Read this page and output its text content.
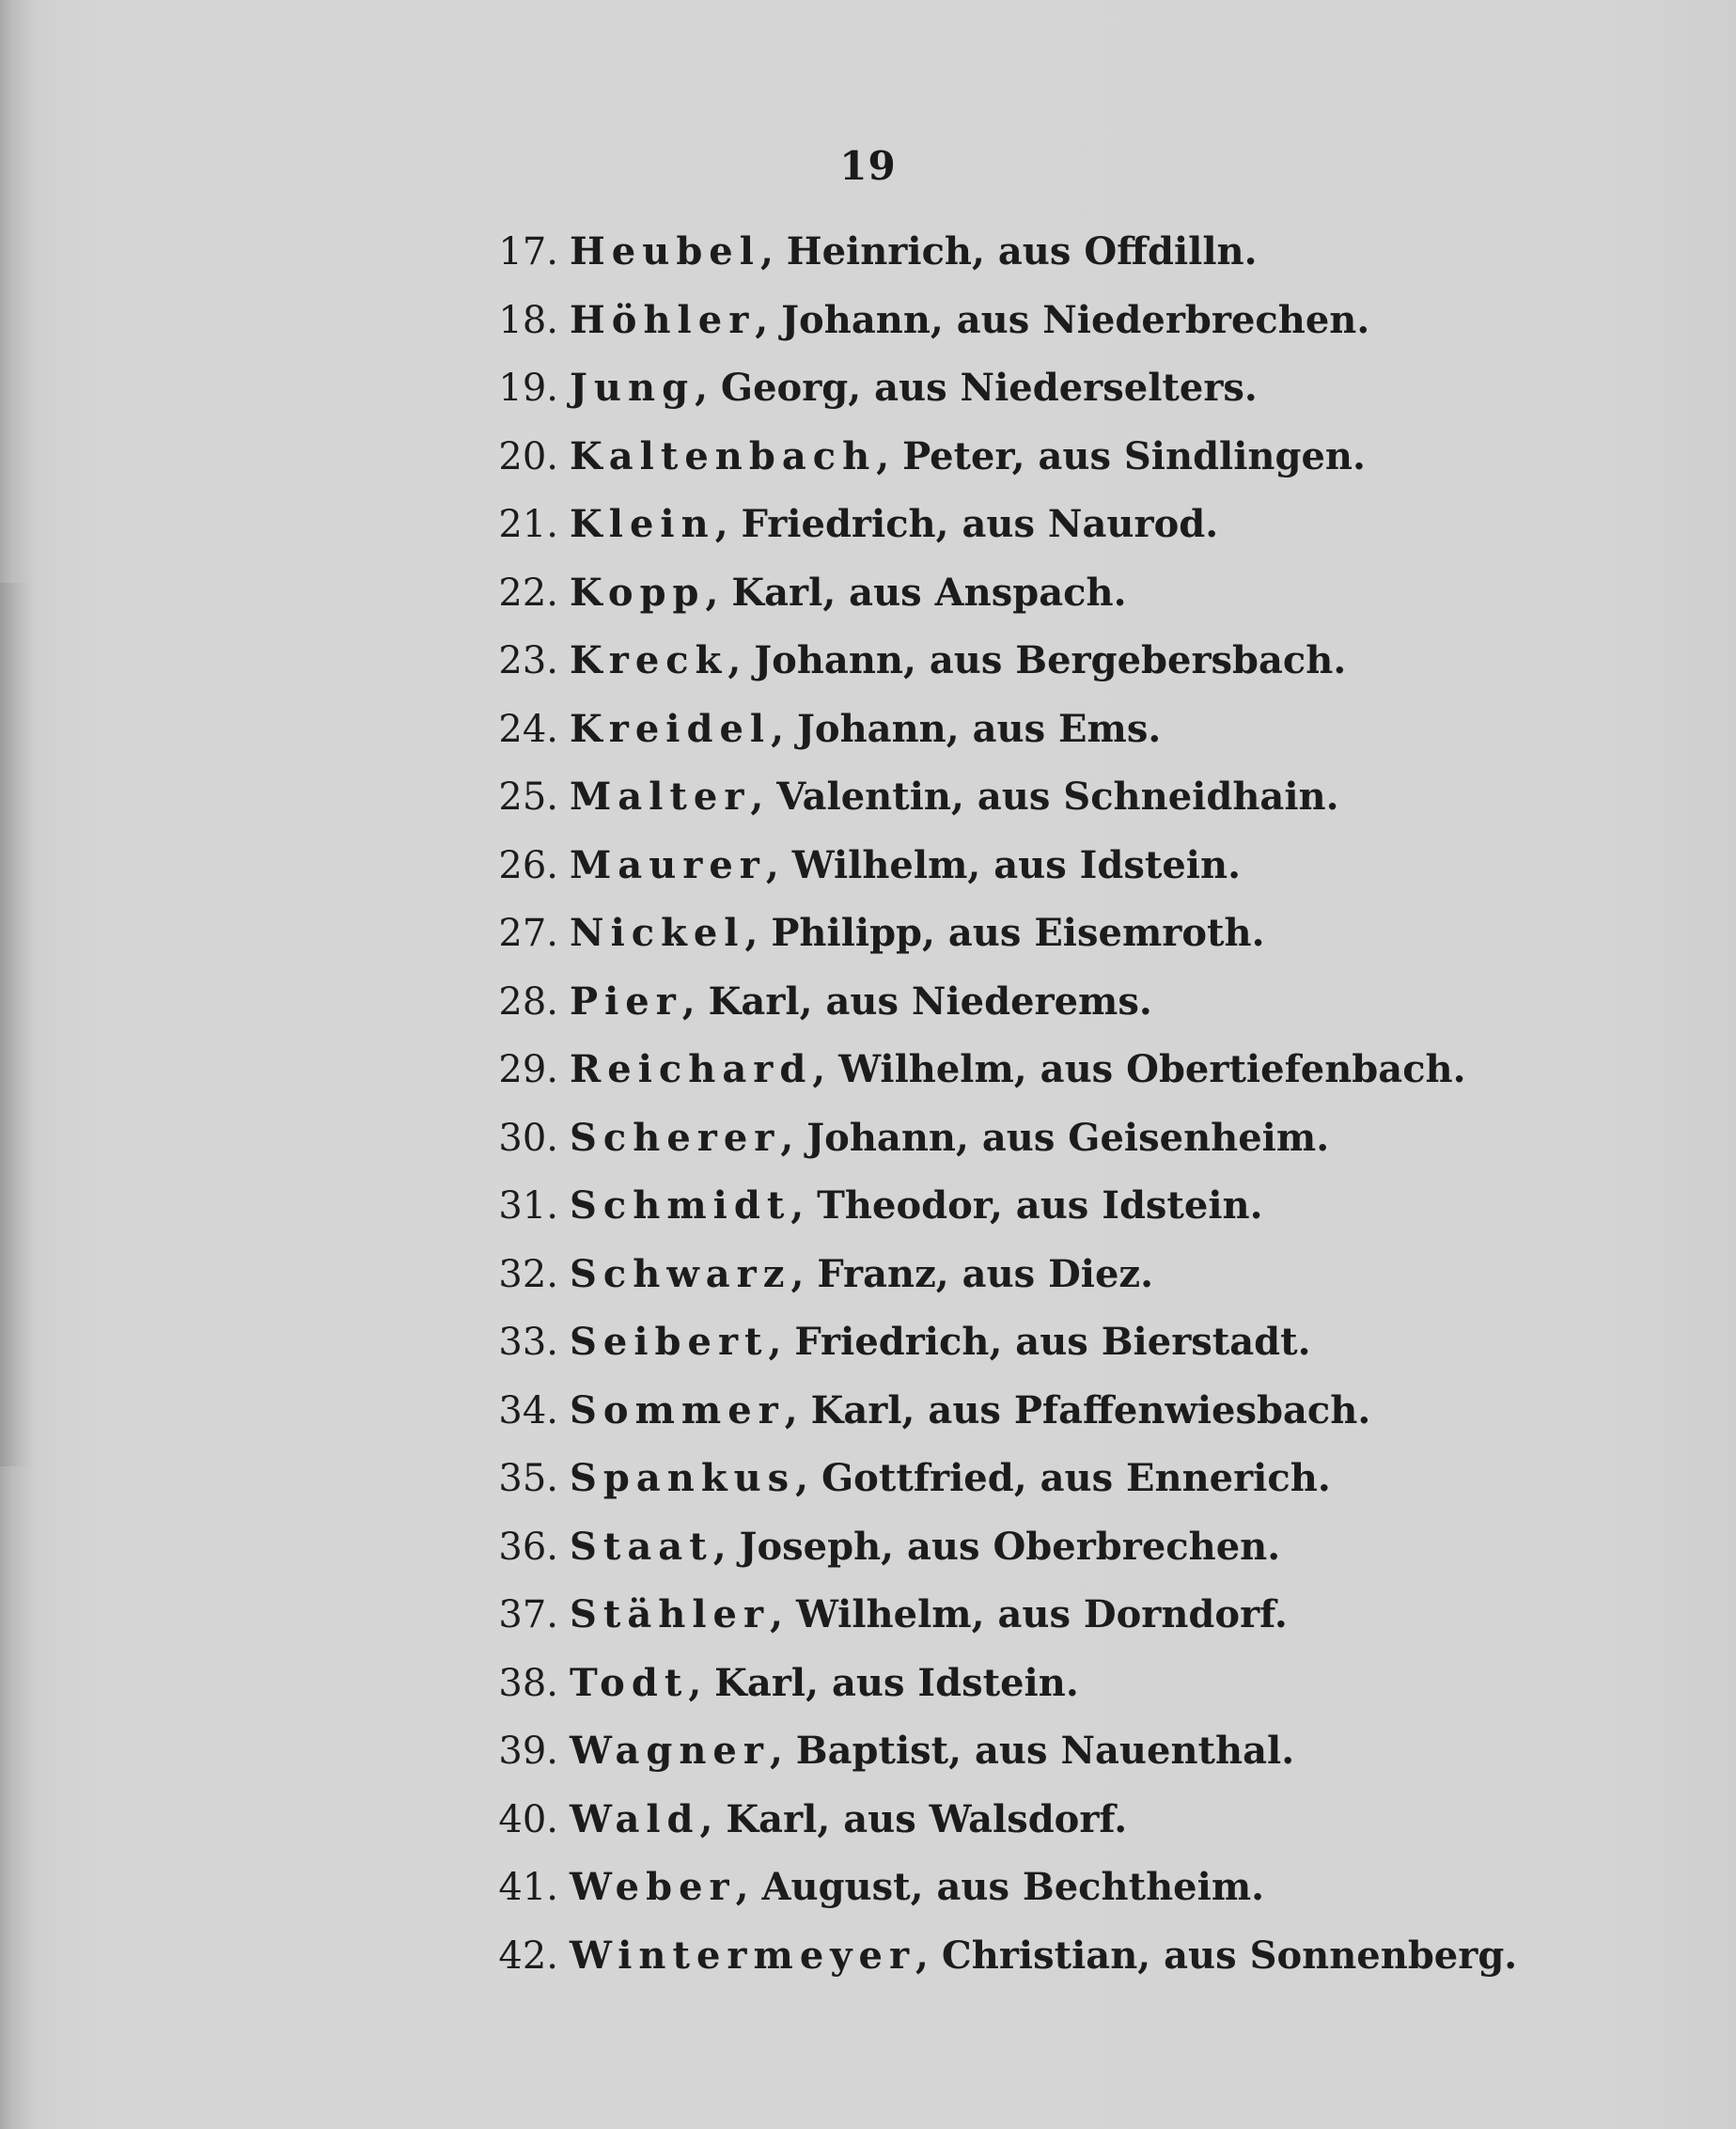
19
17. Heubel, Heinrich, aus Offdilln.
18. Höhler, Johann, aus Niederbrechen.
19. Jung, Georg, aus Niederselters.
20. Kaltenbach, Peter, aus Sindlingen.
21. Klein, Friedrich, aus Naurod.
22. Kopp, Karl, aus Anspach.
23. Kreck, Johann, aus Bergebersbach.
24. Kreidel, Johann, aus Ems.
25. Malter, Valentin, aus Schneidhain.
26. Maurer, Wilhelm, aus Idstein.
27. Nickel, Philipp, aus Eisemroth.
28. Pier, Karl, aus Niederems.
29. Reichard, Wilhelm, aus Obertiefenbach.
30. Scherer, Johann, aus Geisenheim.
31. Schmidt, Theodor, aus Idstein.
32. Schwarz, Franz, aus Diez.
33. Seibert, Friedrich, aus Bierstadt.
34. Sommer, Karl, aus Pfaffenwiesbach.
35. Spankus, Gottfried, aus Ennerich.
36. Staat, Joseph, aus Oberbrechen.
37. Stähler, Wilhelm, aus Dorndorf.
38. Todt, Karl, aus Idstein.
39. Wagner, Baptist, aus Nauenthal.
40. Wald, Karl, aus Walsdorf.
41. Weber, August, aus Bechtheim.
42. Wintermeyer, Christian, aus Sonnenberg.
